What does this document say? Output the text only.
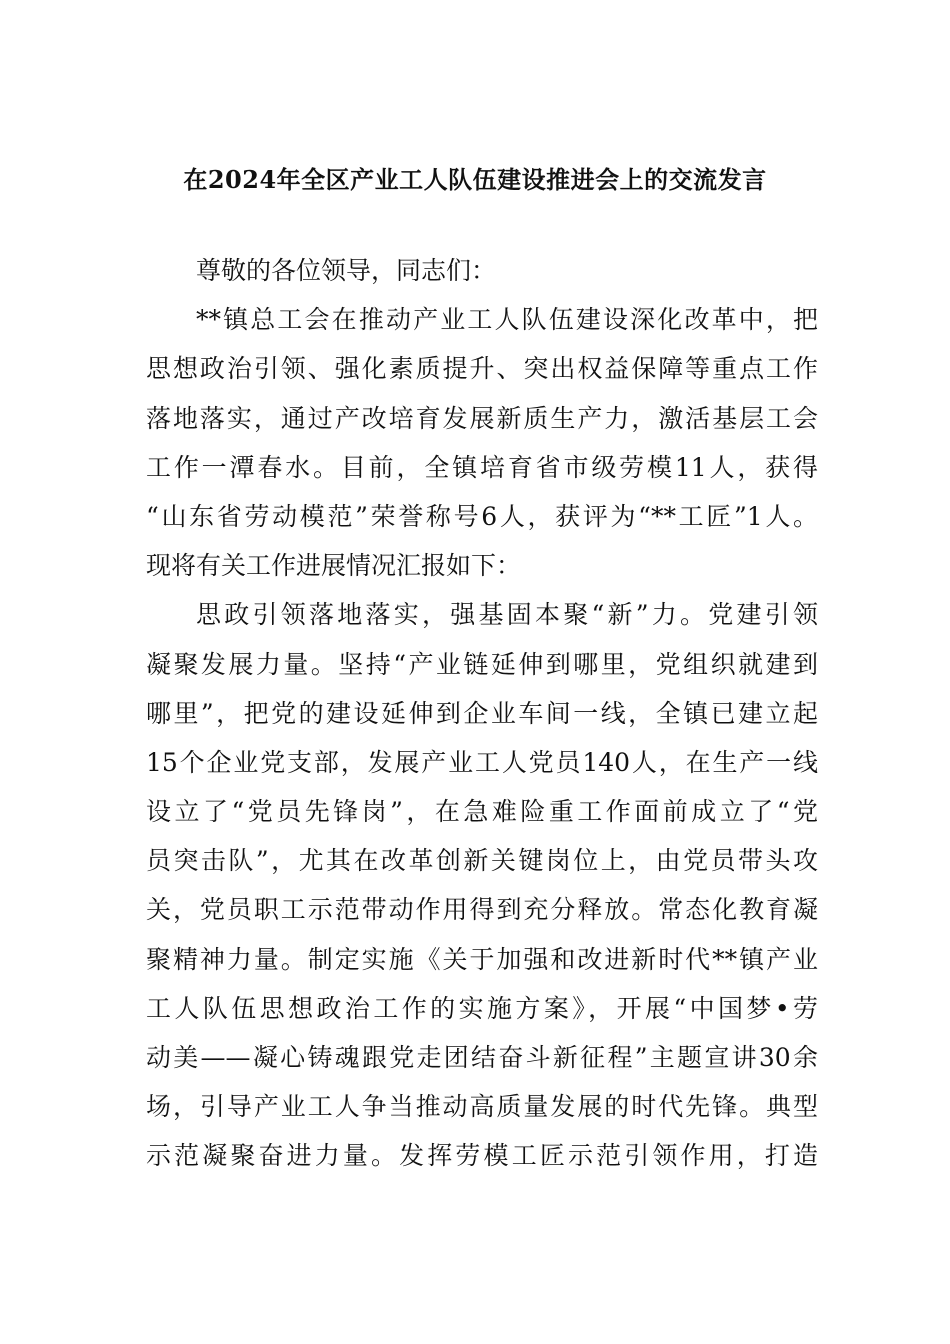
在2024年全区产业工人队伍建设推进会上的交流发言
尊敬的各位领导，同志们：
**镇总工会在推动产业工人队伍建设深化改革中，把
思想政治引领、强化素质提升、突出权益保障等重点工作
落地落实，通过产改培育发展新质生产力，激活基层工会
工作一潭春水。目前，全镇培育省市级劳模11人，获得
“山东省劳动模范”荣誉称号6人，获评为“**工匠”1人。
现将有关工作进展情况汇报如下：
思政引领落地落实，强基固本聚“新”力。党建引领
凝聚发展力量。坚持“产业链延伸到哪里，党组织就建到
哪里”，把党的建设延伸到企业车间一线，全镇已建立起
15个企业党支部，发展产业工人党员140人，在生产一线
设立了“党员先锋岗”，在急难险重工作面前成立了“党
员突击队”，尤其在改革创新关键岗位上，由党员带头攻
关，党员职工示范带动作用得到充分释放。常态化教育凝
聚精神力量。制定实施《关于加强和改进新时代**镇产业
工人队伍思想政治工作的实施方案》，开展“中国梦•劳
动美——凝心铸魂跟党走团结奋斗新征程”主题宣讲30余
场，引导产业工人争当推动高质量发展的时代先锋。典型
示范凝聚奋进力量。发挥劳模工匠示范引领作用，打造
